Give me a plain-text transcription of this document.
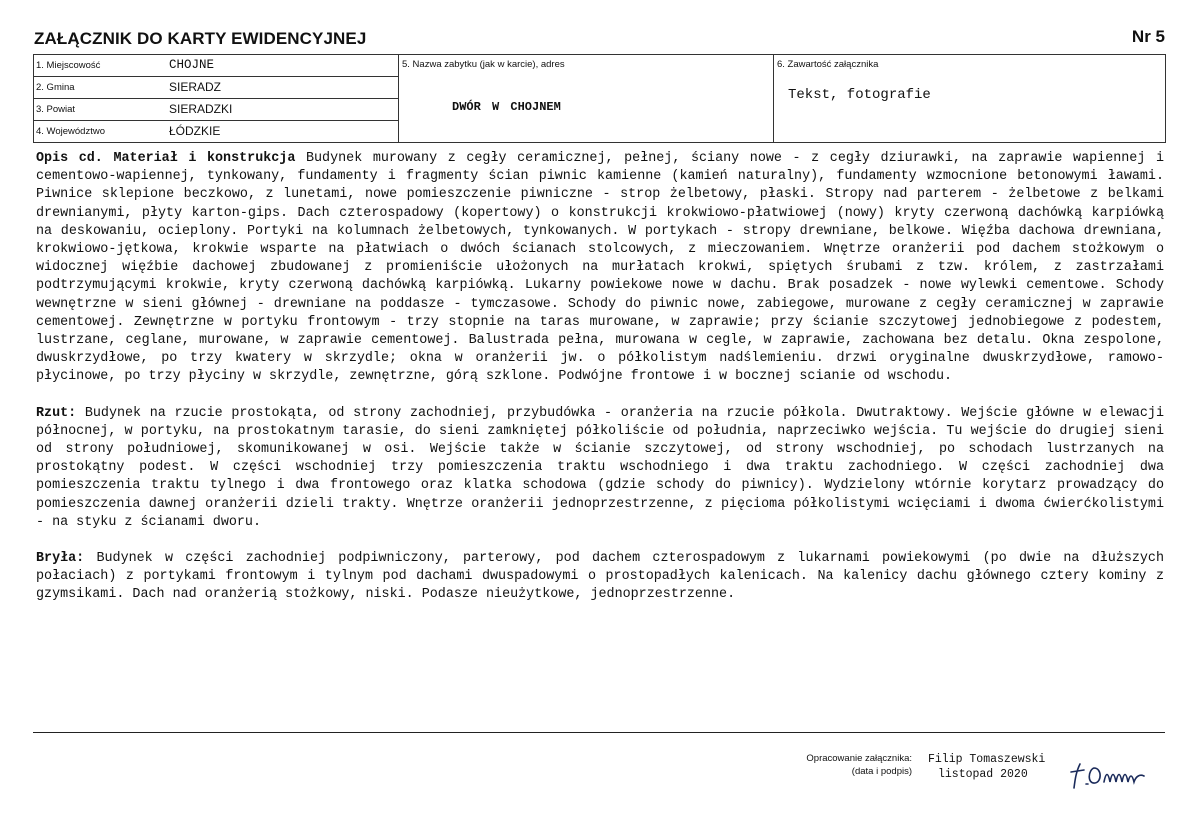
ZAŁĄCZNIK DO KARTY EWIDENCYJNEJ	Nr 5
1. Miejscowość	CHOJNE	5. Nazwa zabytku (jak w karcie), adres
DWÓR W CHOJNEM

6. Zawartość załącznika
Tekst, fotografie

2. Gmina	SIERADZ

3. Powiat	SIERADZKI

4. Województwo	ŁÓDZKIE

Opis cd. Materiał i konstrukcja Budynek murowany z cegły ceramicznej, pełnej, ściany nowe - z cegły dziurawki, na zaprawie wapiennej i cementowo-wapiennej, tynkowany, fundamenty i fragmenty ścian piwnic kamienne (kamień naturalny), fundamenty wzmocnione betonowymi ławami. Piwnice sklepione beczkowo, z lunetami, nowe pomieszczenie piwniczne - strop żelbetowy, płaski. Stropy nad parterem - żelbetowe z belkami drewnianymi, płyty karton-gips. Dach czterospadowy (kopertowy) o konstrukcji krokwiowo-płatwiowej (nowy) kryty czerwoną dachówką karpiówką na deskowaniu, ocieplony. Portyki na kolumnach żelbetowych, tynkowanych. W portykach - stropy drewniane, belkowe. Więźba dachowa drewniana, krokwiowo-jętkowa, krokwie wsparte na płatwiach o dwóch ścianach stolcowych, z mieczowaniem. Wnętrze oranżerii pod dachem stożkowym o widocznej więźbie dachowej zbudowanej z promieniście ułożonych na murłatach krokwi, spiętych śrubami z tzw. królem, z zastrzałami podtrzymującymi krokwie, kryty czerwoną dachówką karpiówką. Lukarny powiekowe nowe w dachu. Brak posadzek - nowe wylewki cementowe. Schody wewnętrzne w sieni głównej - drewniane na poddasze - tymczasowe. Schody do piwnic nowe, zabiegowe, murowane z cegły ceramicznej w zaprawie cementowej. Zewnętrzne w portyku frontowym - trzy stopnie na taras murowane, w zaprawie; przy ścianie szczytowej jednobiegowe z podestem, lustrzane, ceglane, murowane, w zaprawie cementowej. Balustrada pełna, murowana w cegle, w zaprawie, zachowana bez detalu. Okna zespolone, dwuskrzydłowe, po trzy kwatery w skrzydle; okna w oranżerii jw. o półkolistym nadślemieniu. drzwi oryginalne dwuskrzydłowe, ramowo-płycinowe, po trzy płyciny w skrzydle, zewnętrzne, górą szklone. Podwójne frontowe i w bocznej scianie od wschodu.

Rzut: Budynek na rzucie prostokąta, od strony zachodniej, przybudówka - oranżeria na rzucie półkola. Dwutraktowy. Wejście główne w elewacji północnej, w portyku, na prostokatnym tarasie, do sieni zamkniętej półkoliście od południa, naprzeciwko wejścia. Tu wejście do drugiej sieni od strony południowej, skomunikowanej w osi. Wejście także w ścianie szczytowej, od strony wschodniej, po schodach lustrzanych na prostokątny podest. W części wschodniej trzy pomieszczenia traktu wschodniego i dwa traktu zachodniego. W części zachodniej dwa pomieszczenia traktu tylnego i dwa frontowego oraz klatka schodowa (gdzie schody do piwnicy). Wydzielony wtórnie korytarz prowadzący do pomieszczenia dawnej oranżerii dzieli trakty. Wnętrze oranżerii jednoprzestrzenne, z pięcioma półkolistymi wcięciami i dwoma ćwierćkolistymi - na styku z ścianami dworu.

Bryła: Budynek w części zachodniej podpiwniczony, parterowy, pod dachem czterospadowym z lukarnami powiekowymi (po dwie na dłuższych połaciach) z portykami frontowym i tylnym pod dachami dwuspadowymi o prostopadłych kalenicach. Na kalenicy dachu głównego cztery kominy z gzymsikami. Dach nad oranżerią stożkowy, niski. Podasze nieużytkowe, jednoprzestrzenne.

Opracowanie załącznika:
(data i podpis)
Filip Tomaszewski
listopad 2020
